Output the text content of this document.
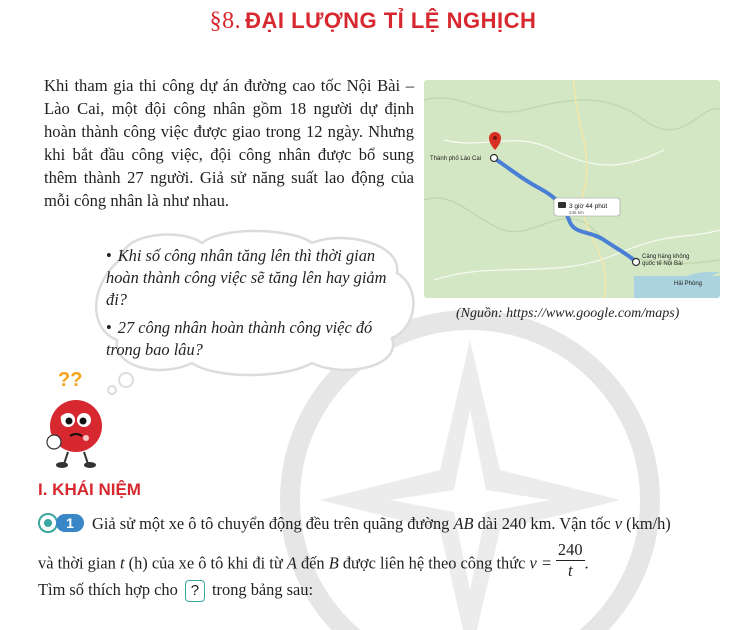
§8. ĐẠI LƯỢNG TỈ LỆ NGHỊCH
Khi tham gia thi công dự án đường cao tốc Nội Bài – Lào Cai, một đội công nhân gồm 18 người dự định hoàn thành công việc được giao trong 12 ngày. Nhưng khi bắt đầu công việc, đội công nhân được bổ sung thêm thành 27 người. Giả sử năng suất lao động của mỗi công nhân là như nhau.	3 giờ 44 phút
246 km
Thành phố Lào Cai
Cảng hàng không
quốc tế Nội Bài
Hải Phòng
(Nguồn: https://www.google.com/maps)
• Khi số công nhân tăng lên thì thời gian hoàn thành công việc sẽ tăng lên hay giảm đi?
• 27 công nhân hoàn thành công việc đó trong bao lâu?
??
I. KHÁI NIỆM
1 Giả sử một xe ô tô chuyển động đều trên quãng đường AB dài 240 km. Vận tốc v (km/h)
và thời gian t (h) của xe ô tô khi đi từ A đến B được liên hệ theo công thức $v = \frac{240}{t}$ .
Tìm số thích hợp cho ? trong bảng sau:
